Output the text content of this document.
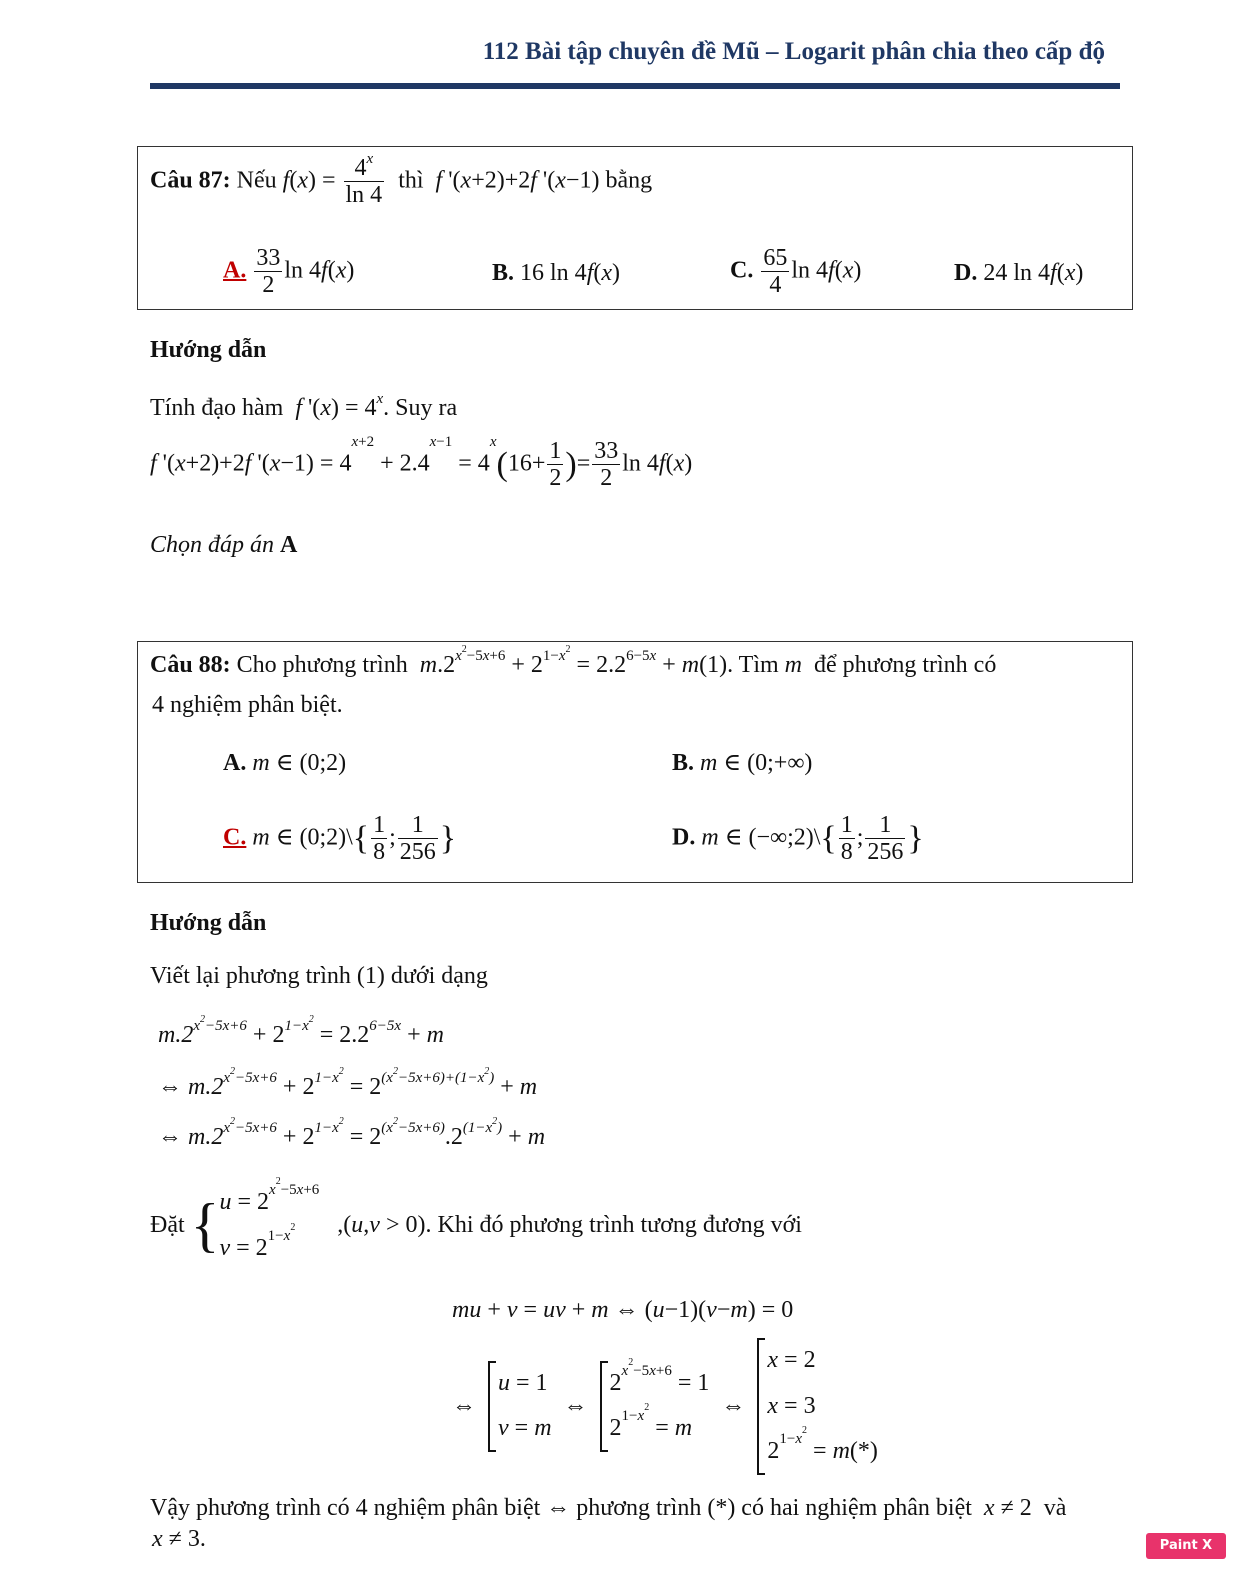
112 Bài tập chuyên đề Mũ – Logarit phân chia theo cấp độ
Câu 87: Nếu $f(x) = \frac{4^x}{\ln 4}$ thì f '(x+2)+2f '(x−1) bằng
A. $\frac{33}{2}$ ln 4f(x)	B. 16 ln 4f(x)	C. $\frac{65}{4}$ ln 4f(x)	D. 24 ln 4f(x)
Hướng dẫn
Tính đạo hàm f '$(x) = 4^x$. Suy ra
f '(x+2)+2f '$(x-1) = 4^{x+2} + 2.4^{x-1} = 4^x(16+ \frac{1}{2}$ )= $\frac{33}{2}$ ln 4f(x)
Chọn đáp án A
Câu 88: Cho phương trình $m.2^{x^2-5x+6} + 2^{1-x^2} = 2.2^{6-5x} + m(1)$. Tìm m để phương trình có
4 nghiệm phân biệt.
A. m ∈ (0;2)	B. m ∈ (0;+∞)
C. m ∈ (0;2)\{ $\frac{1}{8}$ ; $\frac{1}{256}$ }	D. m ∈ (−∞;2)\{ $\frac{1}{8}$ ; $\frac{1}{256}$ }
Hướng dẫn
Viết lại phương trình (1) dưới dạng
$m.2^{x^2-5x+6} + 2^{1-x^2} = 2.2^{6-5x} + m$
⇔ $m.2^{x^2-5x+6} + 2^{1-x^2} = 2^{(x^2-5x+6)+(1-x^2)} + m$
⇔ $m.2^{x^2-5x+6} + 2^{1-x^2} = 2^{(x^2-5x+6)}.2^{(1-x^2)} + m$
Đặt { $u = 2^{x^2-5x+6}$
$v = 2^{1-x^2}$	,(u,v > 0). Khi đó phương trình tương đương với
mu + v = uv + m ⇔ (u−1)(v−m) = 0
⇔
u = 1
v = m
⇔
$2^{x^2-5x+6} = 1$
$2^{1-x^2} = m$
⇔
x = 2
x = 3
$2^{1-x^2} = m(*)$
Vậy phương trình có 4 nghiệm phân biệt ⇔ phương trình (*) có hai nghiệm phân biệt x ≠ 2  và
x ≠ 3.	Paint X lite
